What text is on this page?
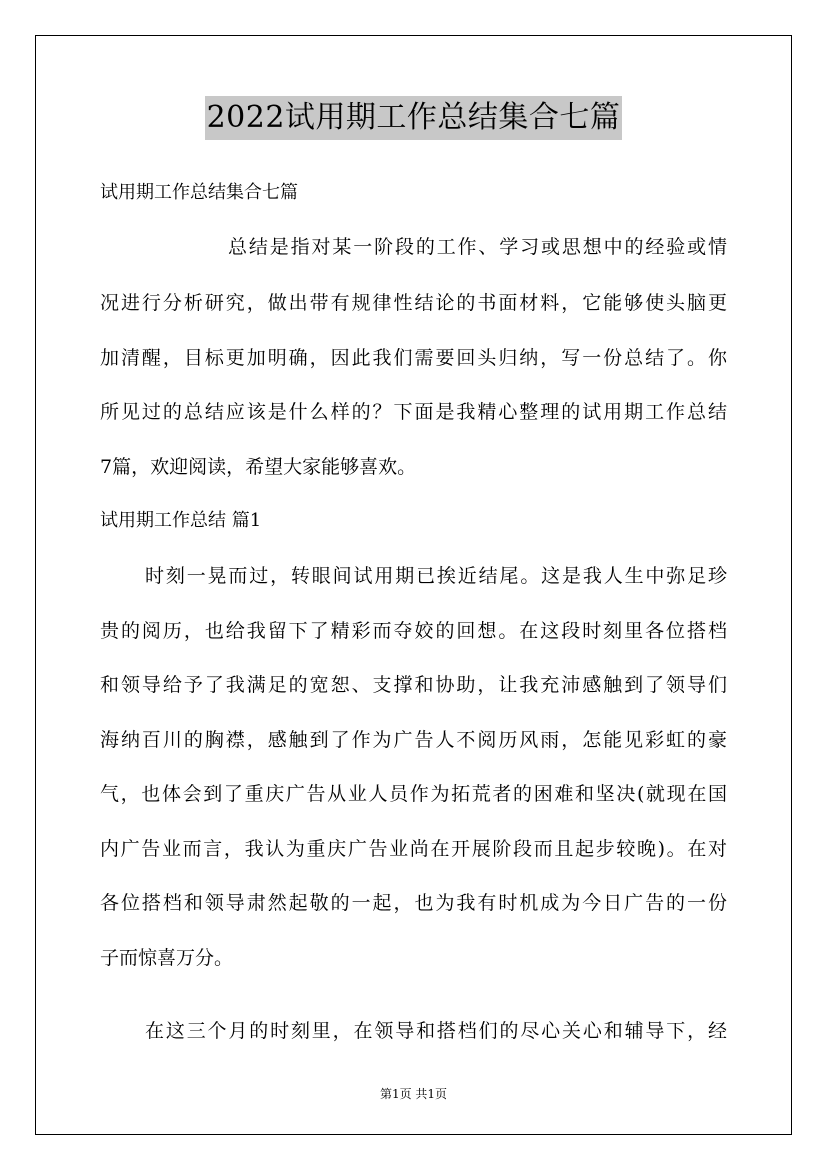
2022试用期工作总结集合七篇
试用期工作总结集合七篇
总结是指对某一阶段的工作、学习或思想中的经验或情
况进行分析研究，做出带有规律性结论的书面材料，它能够使头脑更
加清醒，目标更加明确，因此我们需要回头归纳，写一份总结了。你
所见过的总结应该是什么样的？下面是我精心整理的试用期工作总结
7篇，欢迎阅读，希望大家能够喜欢。
试用期工作总结 篇1
时刻一晃而过，转眼间试用期已挨近结尾。这是我人生中弥足珍
贵的阅历，也给我留下了精彩而夺姣的回想。在这段时刻里各位搭档
和领导给予了我满足的宽恕、支撑和协助，让我充沛感触到了领导们
海纳百川的胸襟，感触到了作为广告人不阅历风雨，怎能见彩虹的豪
气，也体会到了重庆广告从业人员作为拓荒者的困难和坚决(就现在国
内广告业而言，我认为重庆广告业尚在开展阶段而且起步较晚)。在对
各位搭档和领导肃然起敬的一起，也为我有时机成为今日广告的一份
子而惊喜万分。
在这三个月的时刻里，在领导和搭档们的尽心关心和辅导下，经
第1页 共1页
